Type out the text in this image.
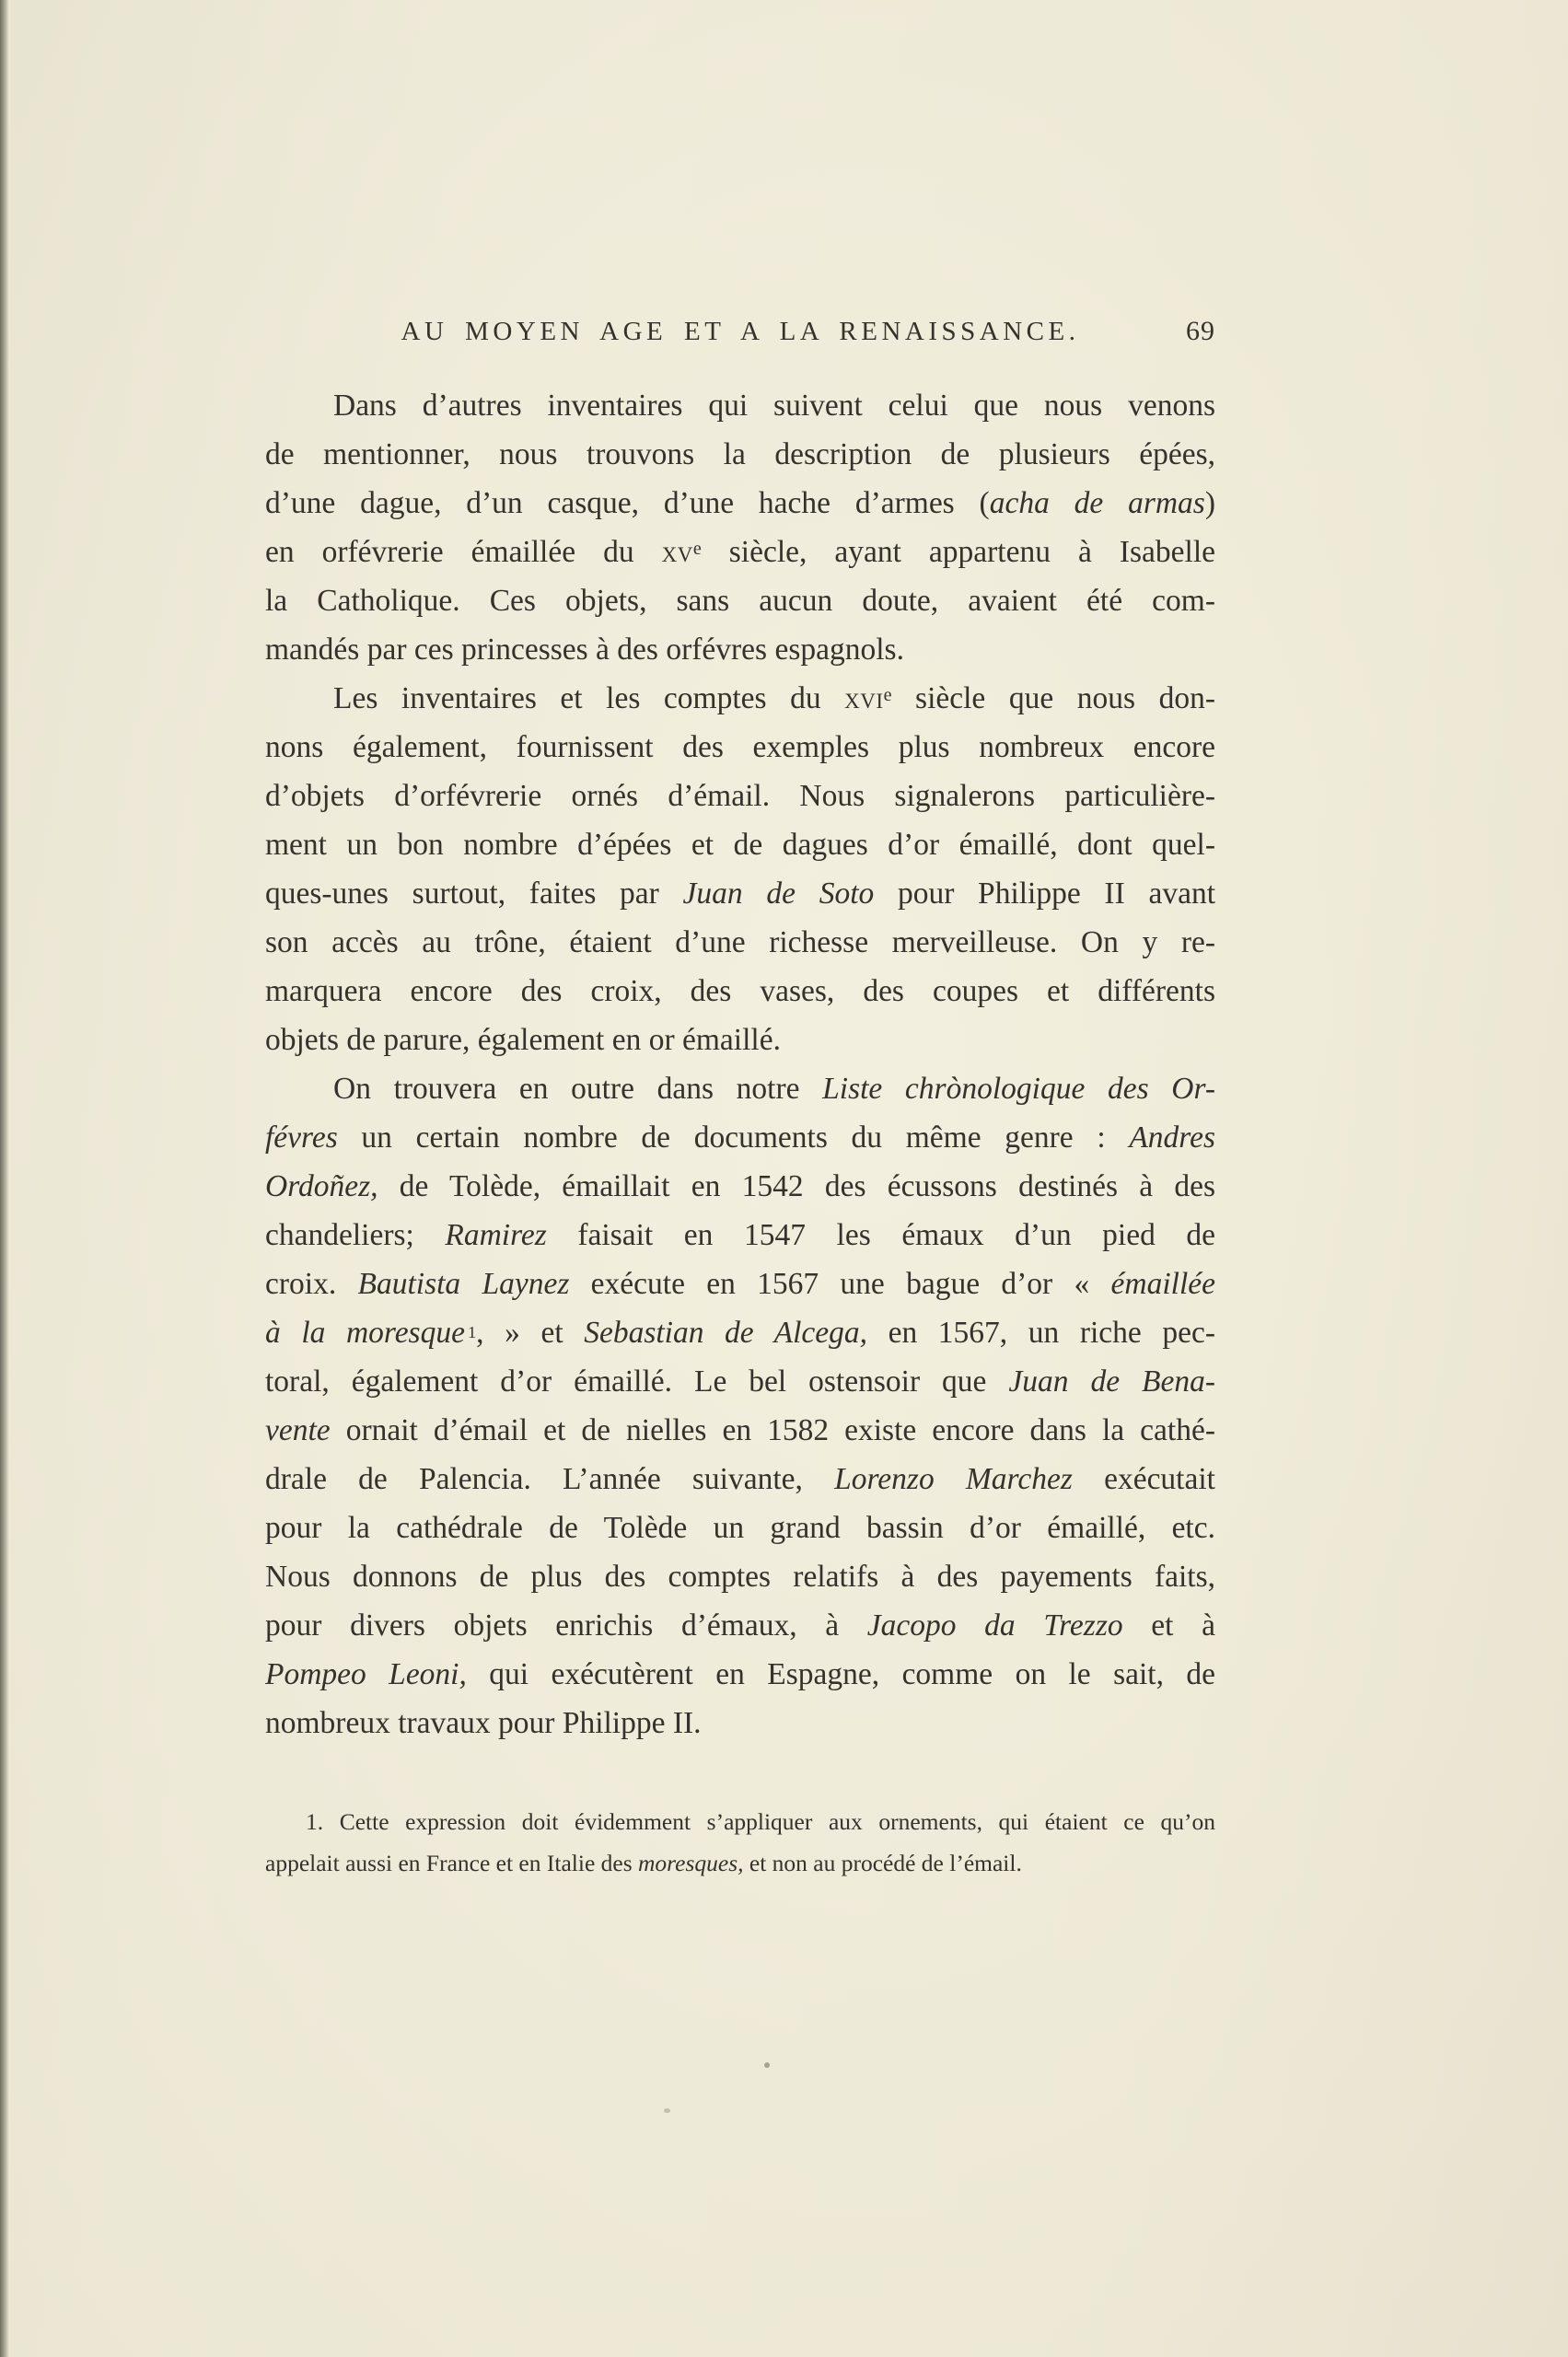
AU MOYEN AGE ET A LA RENAISSANCE.	69
Dans d’autres inventaires qui suivent celui que nous venons
de mentionner, nous trouvons la description de plusieurs épées,
d’une dague, d’un casque, d’une hache d’armes (acha de armas)
en orfévrerie émaillée du $xv^e$ siècle, ayant appartenu à Isabelle
la Catholique. Ces objets, sans aucun doute, avaient été com-
mandés par ces princesses à des orfévres espagnols.
Les inventaires et les comptes du xvi$^e$ siècle que nous don-
nons également, fournissent des exemples plus nombreux encore
d’objets d’orfévrerie ornés d’émail. Nous signalerons particulière-
ment un bon nombre d’épées et de dagues d’or émaillé, dont quel-
ques-unes surtout, faites par Juan de Soto pour Philippe II avant
son accès au trône, étaient d’une richesse merveilleuse. On y re-
marquera encore des croix, des vases, des coupes et différents
objets de parure, également en or émaillé.
On trouvera en outre dans notre Liste chrònologique des Or-
févres un certain nombre de documents du même genre : Andres
Ordoñez, de Tolède, émaillait en 1542 des écussons destinés à des
chandeliers; Ramirez faisait en 1547 les émaux d’un pied de
croix. Bautista Laynez exécute en 1567 une bague d’or « émaillée
à la moresque 1, » et Sebastian de Alcega, en 1567, un riche pec-
toral, également d’or émaillé. Le bel ostensoir que Juan de Bena-
vente ornait d’émail et de nielles en 1582 existe encore dans la cathé-
drale de Palencia. L’année suivante, Lorenzo Marchez exécutait
pour la cathédrale de Tolède un grand bassin d’or émaillé, etc.
Nous donnons de plus des comptes relatifs à des payements faits,
pour divers objets enrichis d’émaux, à Jacopo da Trezzo et à
Pompeo Leoni, qui exécutèrent en Espagne, comme on le sait, de
nombreux travaux pour Philippe II.
1. Cette expression doit évidemment s’appliquer aux ornements, qui étaient ce qu’on
appelait aussi en France et en Italie des moresques, et non au procédé de l’émail.
